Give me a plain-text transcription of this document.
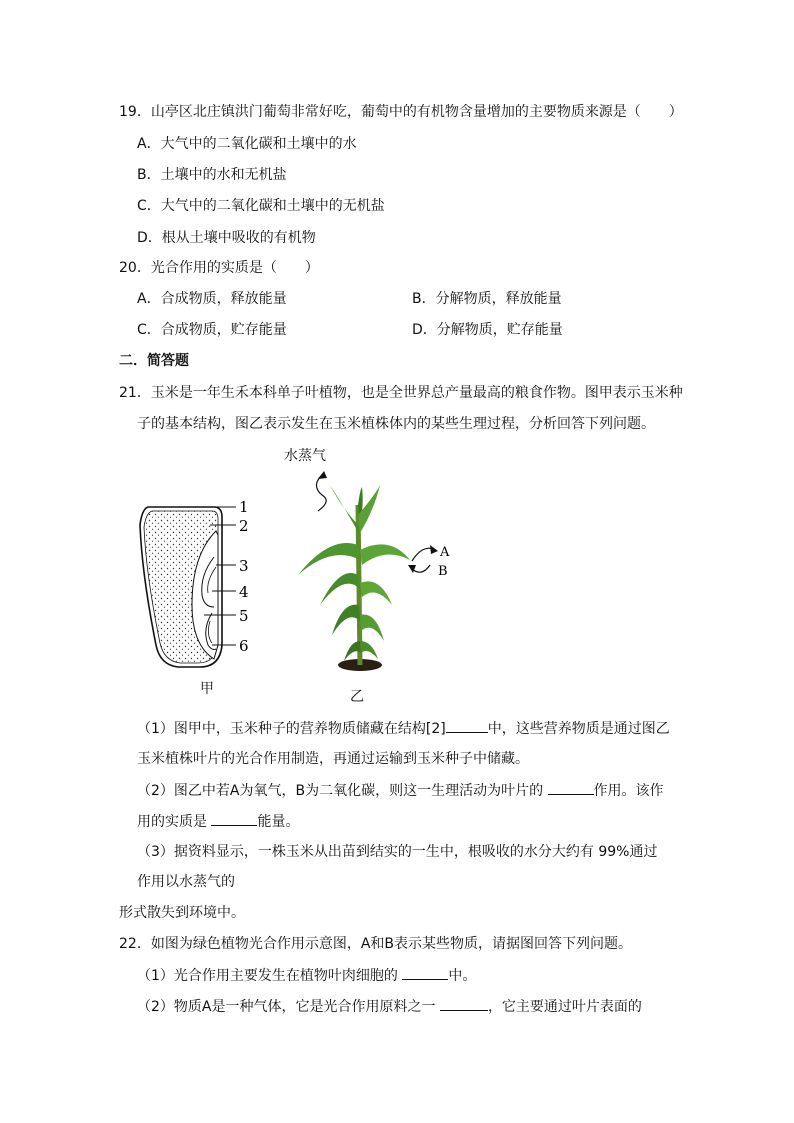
19．山亭区北庄镇洪门葡萄非常好吃，葡萄中的有机物含量增加的主要物质来源是（　　）
A．大气中的二氧化碳和土壤中的水
B．土壤中的水和无机盐
C．大气中的二氧化碳和土壤中的无机盐
D．根从土壤中吸收的有机物
20．光合作用的实质是（　　）
A．合成物质，释放能量	B．分解物质，释放能量
C．合成物质，贮存能量	D．分解物质，贮存能量
二．简答题
21．玉米是一年生禾本科单子叶植物，也是全世界总产量最高的粮食作物。图甲表示玉米种
子的基本结构，图乙表示发生在玉米植株体内的某些生理过程，分析回答下列问题。
1
2
3
4
5
6
甲
水蒸气
A
B
乙
（1）图甲中，玉米种子的营养物质储藏在结构[2]	中，这些营养物质是通过图乙
玉米植株叶片的光合作用制造，再通过运输到玉米种子中储藏。
（2）图乙中若A为氧气，B为二氧化碳，则这一生理活动为叶片的	作用。该作
用的实质是	能量。
（3）据资料显示，一株玉米从出苗到结实的一生中，根吸收的水分大约有 99%通过
作用以水蒸气的
形式散失到环境中。
22．如图为绿色植物光合作用示意图，A和B表示某些物质，请据图回答下列问题。
（1）光合作用主要发生在植物叶肉细胞的	中。
（2）物质A是一种气体，它是光合作用原料之一	，它主要通过叶片表面的
